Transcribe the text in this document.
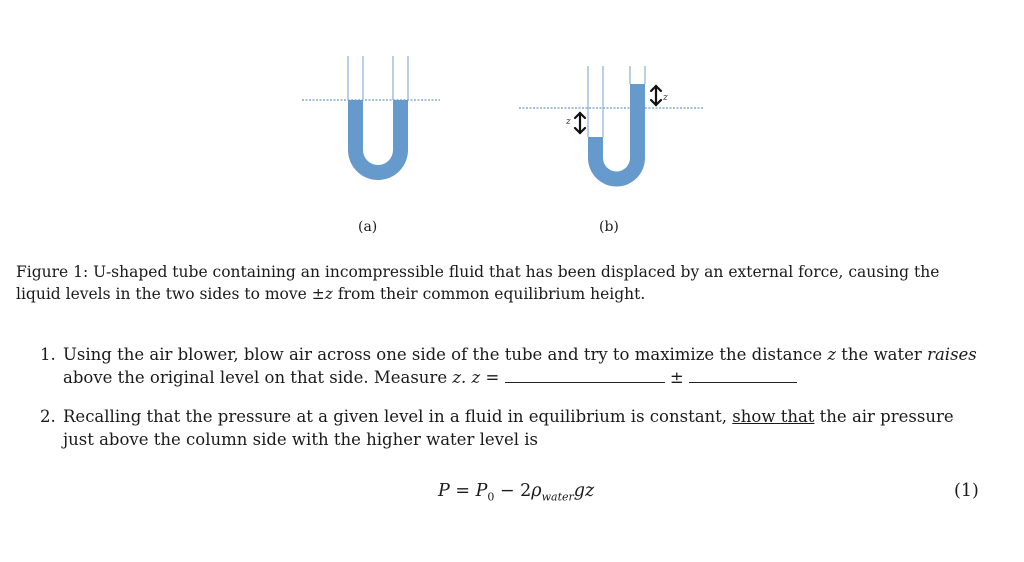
z
z
(a)	(b)
Figure 1: U-shaped tube containing an incompressible fluid that has been displaced by an external force, causing the liquid levels in the two sides to move ±z from their common equilibrium height.
1. Using the air blower, blow air across one side of the tube and try to maximize the distance z the water raises
above the original level on that side. Measure z. z =	±
2. Recalling that the pressure at a given level in a fluid in equilibrium is constant, show that the air pressure just above the column side with the higher water level is
$P = P_0 - 2\rho_{water}gz$	(1)
